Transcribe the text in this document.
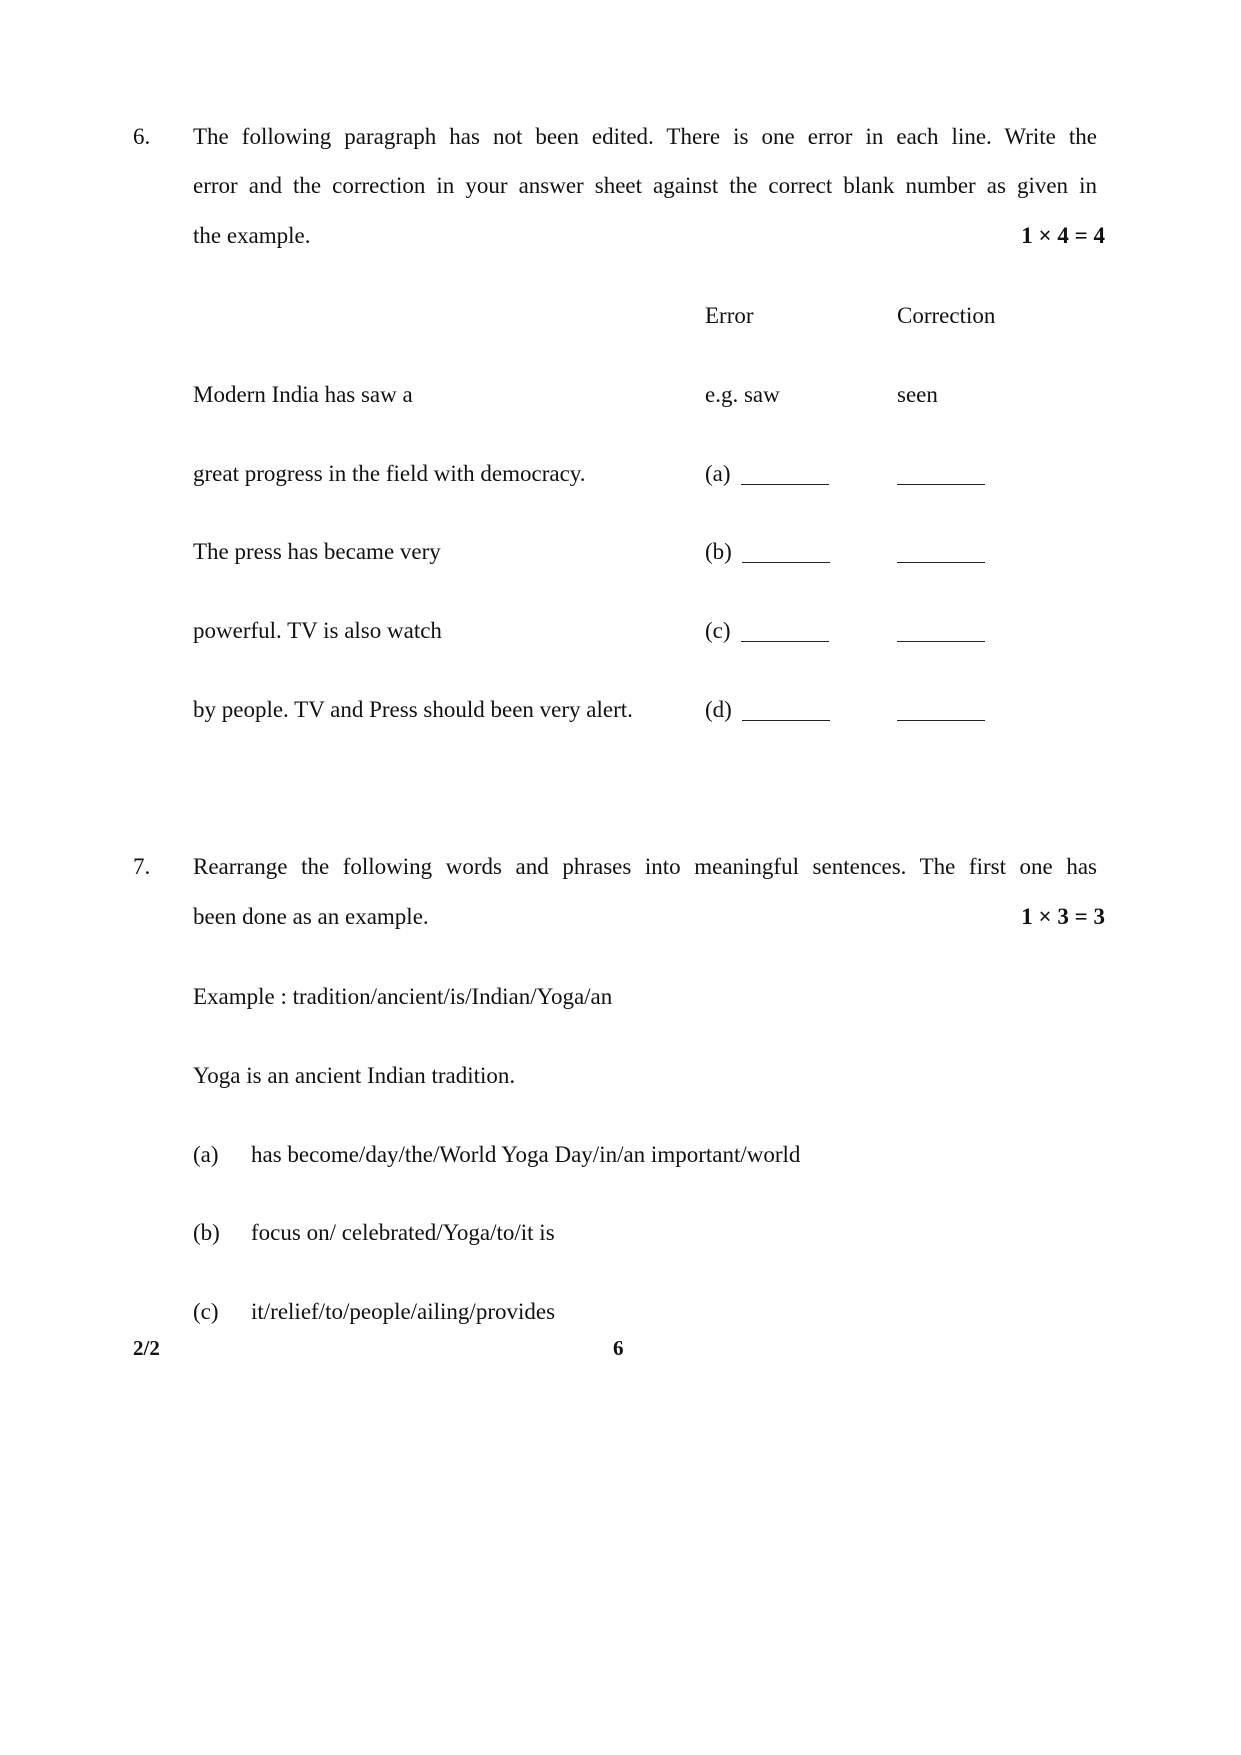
6. The following paragraph has not been edited. There is one error in each line. Write the
error and the correction in your answer sheet against the correct blank number as given in
the example.	1 × 4 = 4
Error	Correction
Modern India has saw a	e.g. saw	seen
great progress in the field with democracy.	(a)
The press has became very	(b)
powerful. TV is also watch	(c)
by people. TV and Press should been very alert.	(d)
7. Rearrange the following words and phrases into meaningful sentences. The first one has
been done as an example.	1 × 3 = 3
Example : tradition/ancient/is/Indian/Yoga/an
Yoga is an ancient Indian tradition.
(a) has become/day/the/World Yoga Day/in/an important/world
(b) focus on/ celebrated/Yoga/to/it is
(c) it/relief/to/people/ailing/provides
2/2	6
